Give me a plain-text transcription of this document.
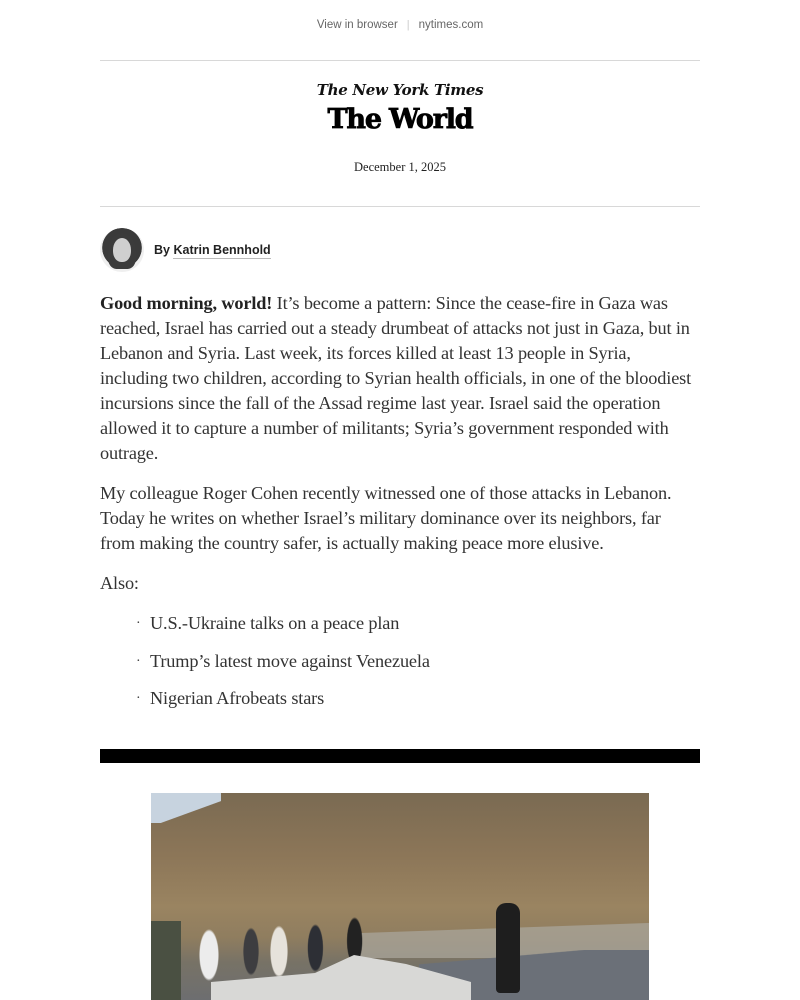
View in browser | nytimes.com
The New York Times
The World
December 1, 2025
By Katrin Bennhold

Good morning, world! It’s become a pattern: Since the cease-fire in Gaza was reached, Israel has carried out a steady drumbeat of attacks not just in Gaza, but in Lebanon and Syria. Last week, its forces killed at least 13 people in Syria, including two children, according to Syrian health officials, in one of the bloodiest incursions since the fall of the Assad regime last year. Israel said the operation allowed it to capture a number of militants; Syria’s government responded with outrage.

My colleague Roger Cohen recently witnessed one of those attacks in Lebanon. Today he writes on whether Israel’s military dominance over its neighbors, far from making the country safer, is actually making peace more elusive.

Also:

· U.S.-Ukraine talks on a peace plan
· Trump’s latest move against Venezuela
· Nigerian Afrobeats stars
